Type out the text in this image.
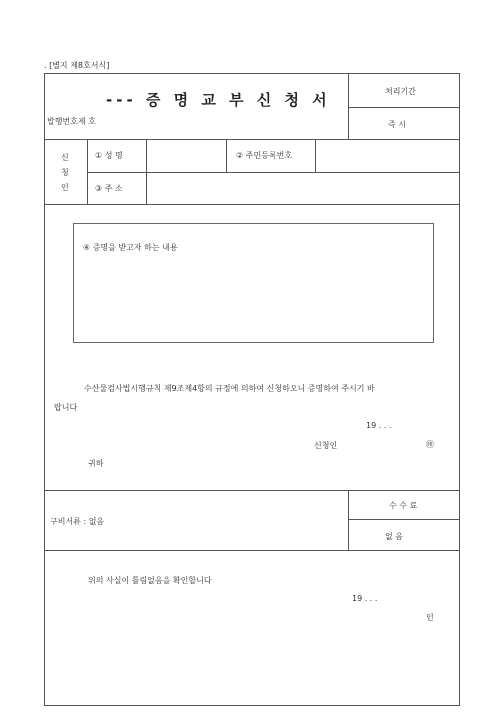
. [별지 제8호서식]
--- 증 명 교 부 신 청 서
발행번호제 호
처리기간
즉 시
신
청
인
① 성 명	② 주민등록번호
③ 주 소
④ 증명을 받고자 하는 내용
수산물검사법시행규칙 제9조제4항의 규정에 의하여 신청하오니 증명하여 주시기 바
랍니다
19 . . .
신청인	㊞
귀하
구비서류 : 없음
수 수 료
없 음
위의 사실이 틀림없음을 확인합니다
19 . . .
인
